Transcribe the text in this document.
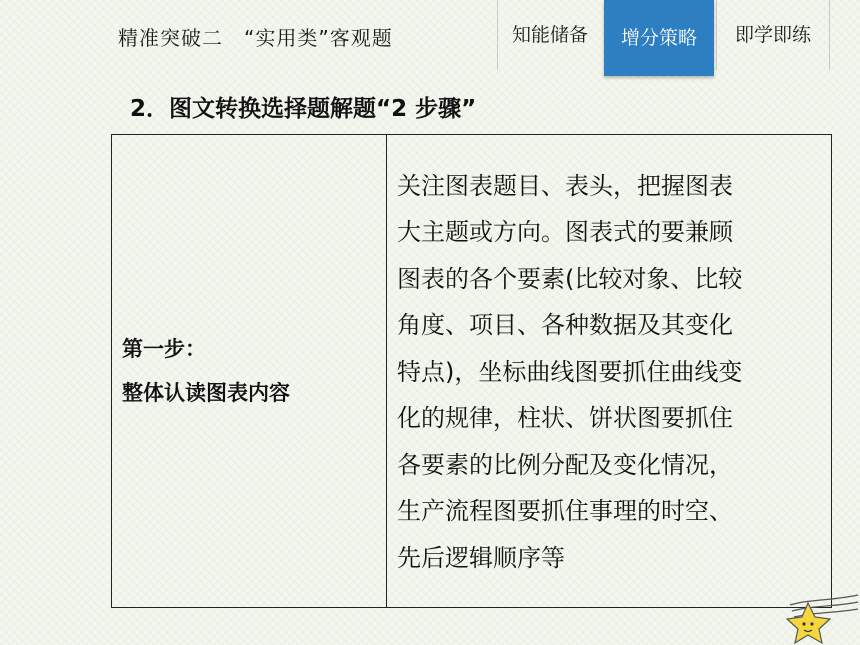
精准突破二　“实用类”客观题	知能储备	增分策略	即学即练
2．图文转换选择题解题“2 步骤”
第一步：
整体认读图表内容

关注图表题目、表头，把握图表
大主题或方向。图表式的要兼顾
图表的各个要素(比较对象、比较
角度、项目、各种数据及其变化
特点)，坐标曲线图要抓住曲线变
化的规律，柱状、饼状图要抓住
各要素的比例分配及变化情况，
生产流程图要抓住事理的时空、
先后逻辑顺序等
